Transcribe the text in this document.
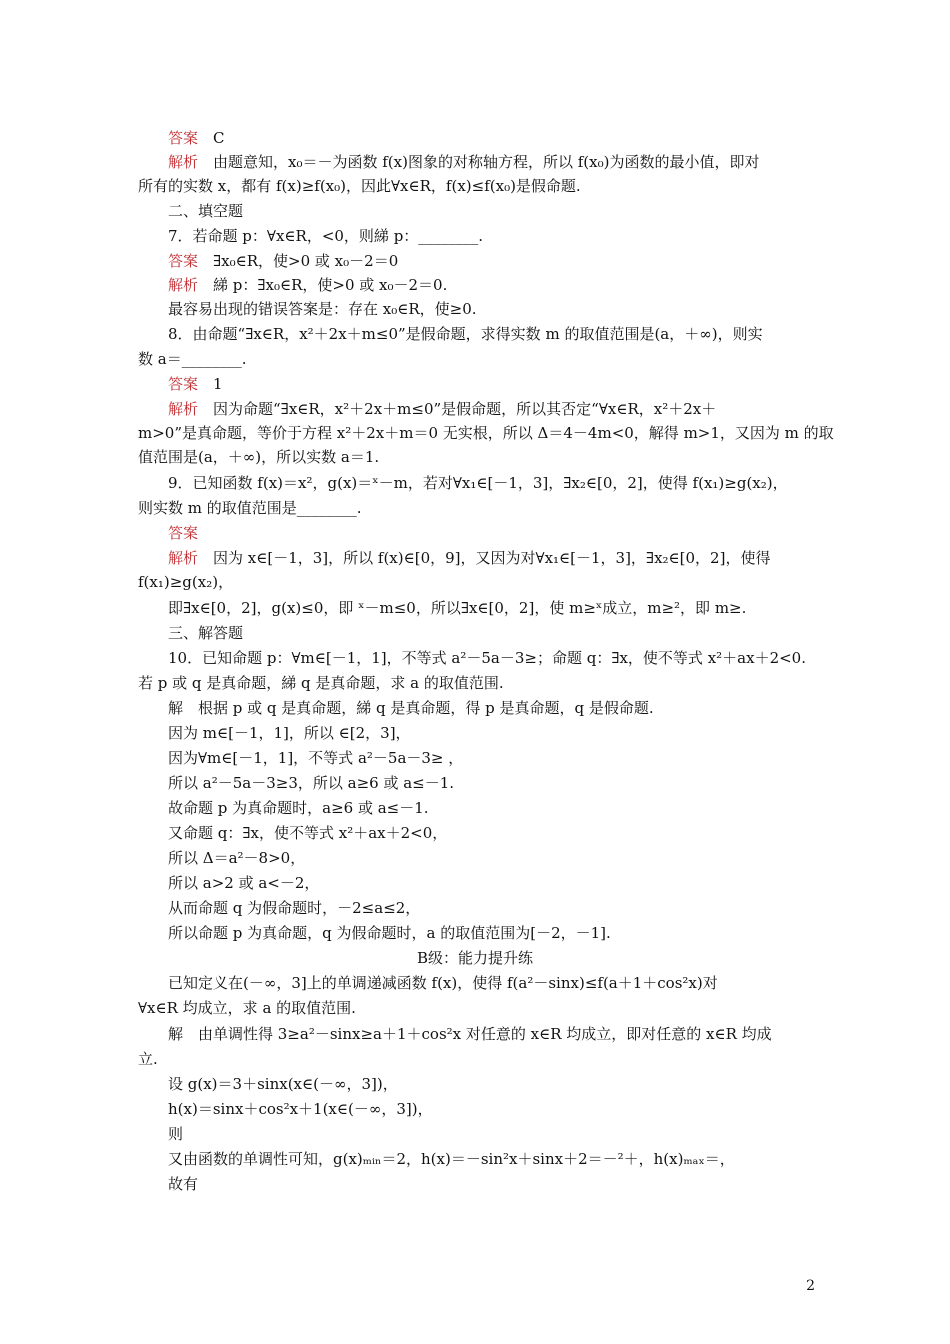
答案　C
解析　由题意知，x₀＝－为函数 f(x)图象的对称轴方程，所以 f(x₀)为函数的最小值，即对
所有的实数 x，都有 f(x)≥f(x₀)，因此∀x∈R，f(x)≤f(x₀)是假命题.
二、填空题
7．若命题 p：∀x∈R，<0，则綈 p：________.
答案　∃x₀∈R，使>0 或 x₀－2＝0
解析　綈 p：∃x₀∈R，使>0 或 x₀－2＝0.
最容易出现的错误答案是：存在 x₀∈R，使≥0.
8．由命题“∃x∈R，x²＋2x＋m≤0”是假命题，求得实数 m 的取值范围是(a，＋∞)，则实
数 a＝________.
答案　1
解析　因为命题“∃x∈R，x²＋2x＋m≤0”是假命题，所以其否定“∀x∈R，x²＋2x＋
m>0”是真命题，等价于方程 x²＋2x＋m＝0 无实根，所以 Δ＝4－4m<0，解得 m>1，又因为 m 的取
值范围是(a，＋∞)，所以实数 a＝1.
9．已知函数 f(x)＝x²，g(x)＝ˣ－m，若对∀x₁∈[－1，3]，∃x₂∈[0，2]，使得 f(x₁)≥g(x₂)，
则实数 m 的取值范围是________.
答案
解析　因为 x∈[－1，3]，所以 f(x)∈[0，9]，又因为对∀x₁∈[－1，3]，∃x₂∈[0，2]，使得
f(x₁)≥g(x₂)，
即∃x∈[0，2]，g(x)≤0，即 ˣ－m≤0，所以∃x∈[0，2]，使 m≥ˣ成立，m≥²，即 m≥.
三、解答题
10．已知命题 p：∀m∈[－1，1]，不等式 a²－5a－3≥；命题 q：∃x，使不等式 x²＋ax＋2<0.
若 p 或 q 是真命题，綈 q 是真命题，求 a 的取值范围.
解　根据 p 或 q 是真命题，綈 q 是真命题，得 p 是真命题，q 是假命题.
因为 m∈[－1，1]，所以 ∈[2，3]，
因为∀m∈[－1，1]，不等式 a²－5a－3≥ ，
所以 a²－5a－3≥3，所以 a≥6 或 a≤－1.
故命题 p 为真命题时，a≥6 或 a≤－1.
又命题 q：∃x，使不等式 x²＋ax＋2<0，
所以 Δ＝a²－8>0，
所以 a>2 或 a<－2，
从而命题 q 为假命题时，－2≤a≤2，
所以命题 p 为真命题，q 为假命题时，a 的取值范围为[－2，－1].
B级：能力提升练
已知定义在(－∞，3]上的单调递减函数 f(x)，使得 f(a²－sinx)≤f(a＋1＋cos²x)对
∀x∈R 均成立，求 a 的取值范围.
解　由单调性得 3≥a²－sinx≥a＋1＋cos²x 对任意的 x∈R 均成立，即对任意的 x∈R 均成
立.
设 g(x)＝3＋sinx(x∈(－∞，3])，
h(x)＝sinx＋cos²x＋1(x∈(－∞，3])，
则
又由函数的单调性可知，g(x)ₘᵢₙ＝2，h(x)＝－sin²x＋sinx＋2＝－²＋，h(x)ₘₐₓ＝，
故有
2
